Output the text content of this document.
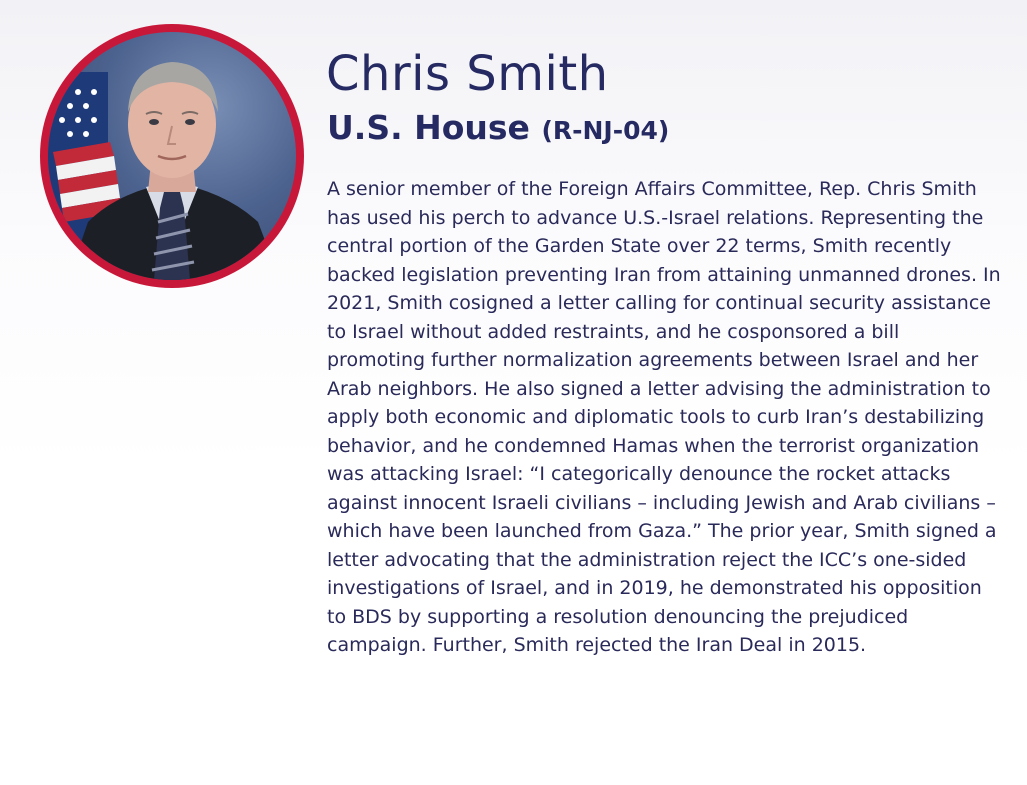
Chris Smith
U.S. House (R-NJ-04)

A senior member of the Foreign Affairs Committee, Rep. Chris Smith has used his perch to advance U.S.-Israel relations. Representing the central portion of the Garden State over 22 terms, Smith recently backed legislation preventing Iran from attaining unmanned drones. In 2021, Smith cosigned a letter calling for continual security assistance to Israel without added restraints, and he cosponsored a bill promoting further normalization agreements between Israel and her Arab neighbors. He also signed a letter advising the administration to apply both economic and diplomatic tools to curb Iran’s destabilizing behavior, and he condemned Hamas when the terrorist organization was attacking Israel: “I categorically denounce the rocket attacks against innocent Israeli civilians – including Jewish and Arab civilians –which have been launched from Gaza.” The prior year, Smith signed a letter advocating that the administration reject the ICC’s one-sided investigations of Israel, and in 2019, he demonstrated his opposition to BDS by supporting a resolution denouncing the prejudiced campaign. Further, Smith rejected the Iran Deal in 2015.
